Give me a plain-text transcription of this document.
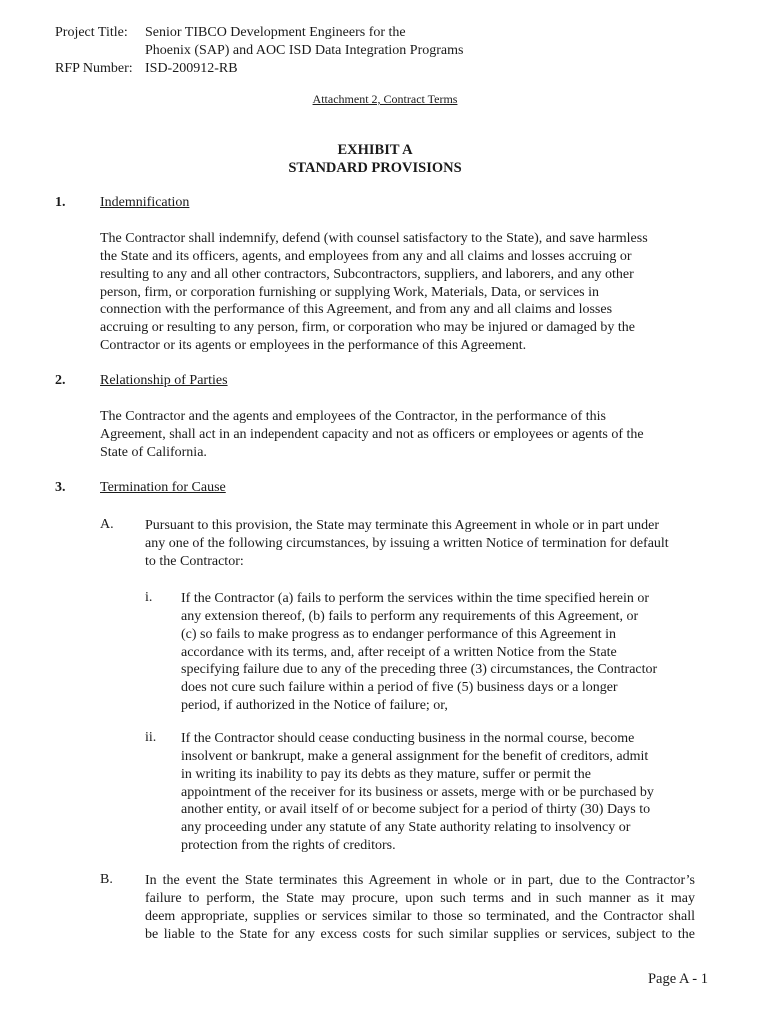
Project Title:	Senior TIBCO Development Engineers for the
Phoenix (SAP) and AOC ISD Data Integration Programs
RFP Number: ISD-200912-RB
Attachment 2, Contract Terms
EXHIBIT A
STANDARD PROVISIONS
1. Indemnification
The Contractor shall indemnify, defend (with counsel satisfactory to the State), and save harmless
the State and its officers, agents, and employees from any and all claims and losses accruing or
resulting to any and all other contractors, Subcontractors, suppliers, and laborers, and any other
person, firm, or corporation furnishing or supplying Work, Materials, Data, or services in
connection with the performance of this Agreement, and from any and all claims and losses
accruing or resulting to any person, firm, or corporation who may be injured or damaged by the
Contractor or its agents or employees in the performance of this Agreement.
2. Relationship of Parties
The Contractor and the agents and employees of the Contractor, in the performance of this
Agreement, shall act in an independent capacity and not as officers or employees or agents of the
State of California.
3. Termination for Cause
A. Pursuant to this provision, the State may terminate this Agreement in whole or in part under
any one of the following circumstances, by issuing a written Notice of termination for default
to the Contractor:
i. If the Contractor (a) fails to perform the services within the time specified herein or
any extension thereof, (b) fails to perform any requirements of this Agreement, or
(c) so fails to make progress as to endanger performance of this Agreement in
accordance with its terms, and, after receipt of a written Notice from the State
specifying failure due to any of the preceding three (3) circumstances, the Contractor
does not cure such failure within a period of five (5) business days or a longer
period, if authorized in the Notice of failure; or,
ii. If the Contractor should cease conducting business in the normal course, become
insolvent or bankrupt, make a general assignment for the benefit of creditors, admit
in writing its inability to pay its debts as they mature, suffer or permit the
appointment of the receiver for its business or assets, merge with or be purchased by
another entity, or avail itself of or become subject for a period of thirty (30) Days to
any proceeding under any statute of any State authority relating to insolvency or
protection from the rights of creditors.
B. In the event the State terminates this Agreement in whole or in part, due to the Contractor’s
failure to perform, the State may procure, upon such terms and in such manner as it may
deem appropriate, supplies or services similar to those so terminated, and the Contractor shall
be liable to the State for any excess costs for such similar supplies or services, subject to the
Page A - 1
